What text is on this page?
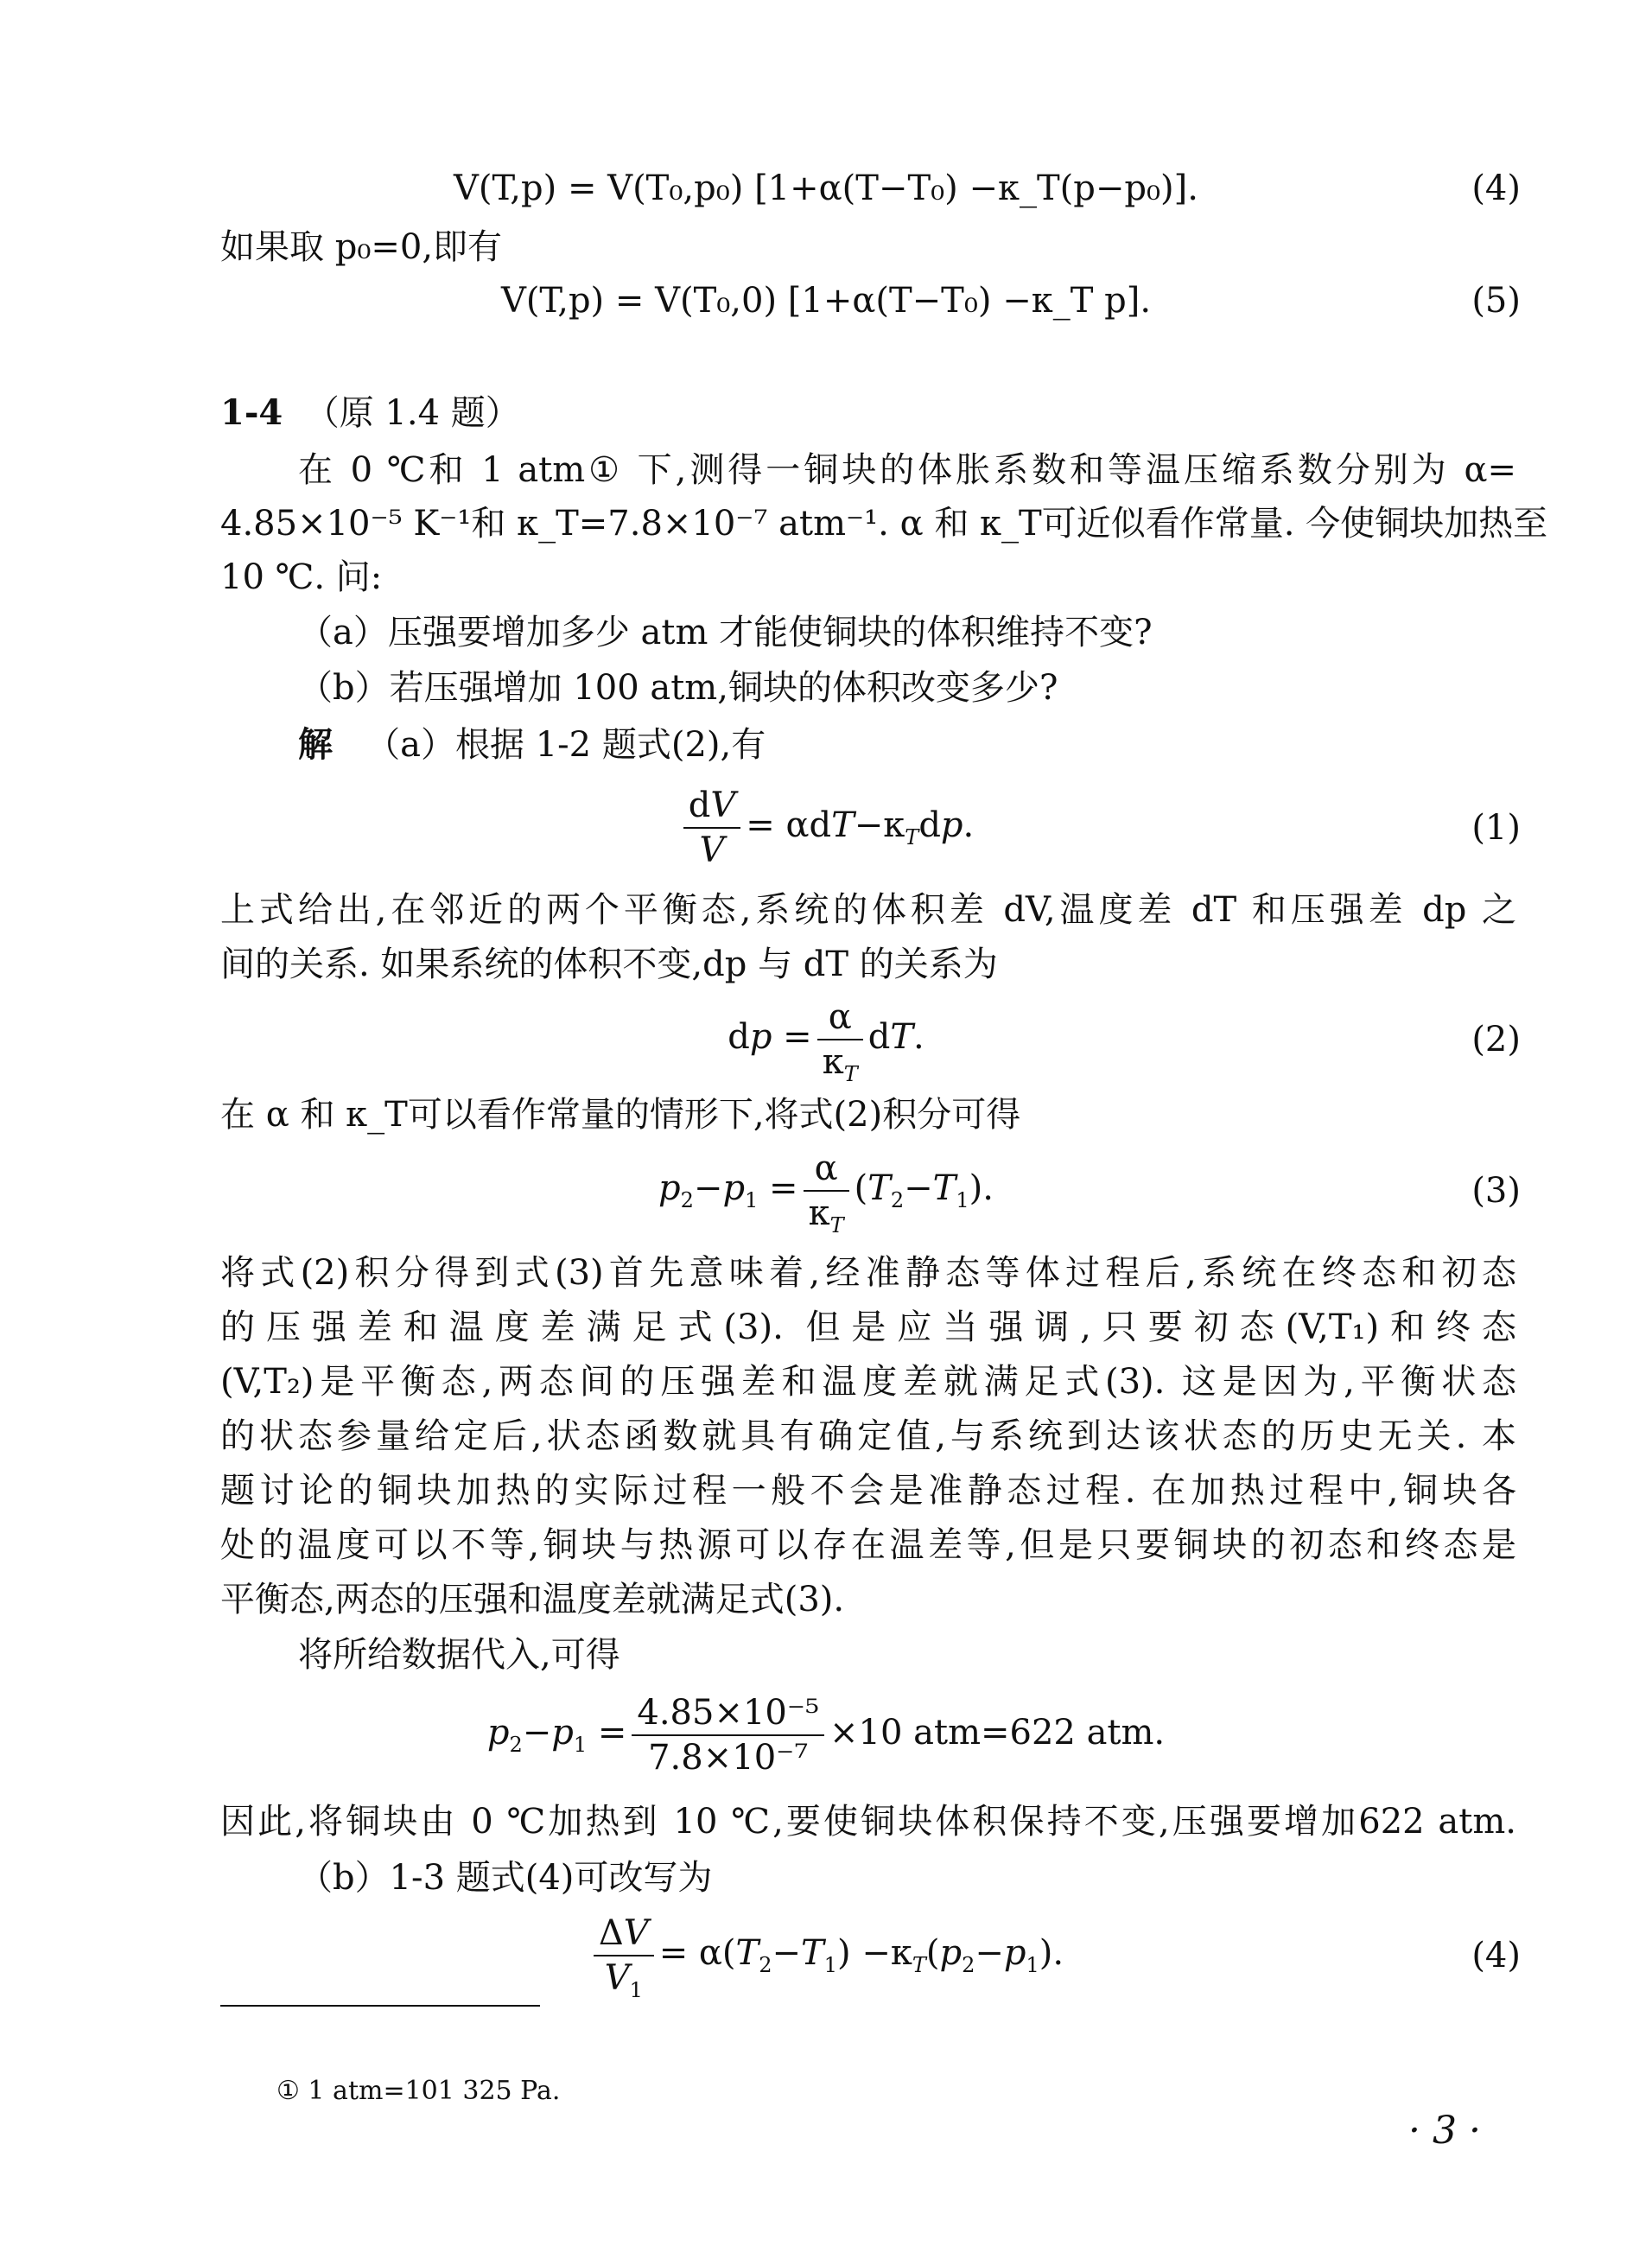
V(T,p) = V(T₀,p₀) [1+α(T−T₀) −κ_T(p−p₀)].	(4)
如果取 p₀=0,即有
V(T,p) = V(T₀,0) [1+α(T−T₀) −κ_T p].	(5)
1-4 （原 1.4 题）
在 0 ℃和 1 atm① 下,测得一铜块的体胀系数和等温压缩系数分别为 α=
4.85×10⁻⁵ K⁻¹和 κ_T=7.8×10⁻⁷ atm⁻¹. α 和 κ_T可近似看作常量. 今使铜块加热至
10 ℃. 问:
（a）压强要增加多少 atm 才能使铜块的体积维持不变?
（b）若压强增加 100 atm,铜块的体积改变多少?
解 （a）根据 1-2 题式(2),有
$\frac{dV}{V} = \alpha dT-\kappa_Tdp$.	(1)
上式给出,在邻近的两个平衡态,系统的体积差 dV,温度差 dT 和压强差 dp 之
间的关系. 如果系统的体积不变,dp 与 dT 的关系为
dp = $\frac{\alpha}{\kappa_T}$ dT.	(2)
在 α 和 κ_T可以看作常量的情形下,将式(2)积分可得
$p_2-p_1 = \frac{\alpha}{\kappa_T} (T_2-T_1)$.	(3)
将式(2)积分得到式(3)首先意味着,经准静态等体过程后,系统在终态和初态
的压强差和温度差满足式(3). 但是应当强调,只要初态(V,T₁)和终态
(V,T₂)是平衡态,两态间的压强差和温度差就满足式(3). 这是因为,平衡状态
的状态参量给定后,状态函数就具有确定值,与系统到达该状态的历史无关. 本
题讨论的铜块加热的实际过程一般不会是准静态过程. 在加热过程中,铜块各
处的温度可以不等,铜块与热源可以存在温差等,但是只要铜块的初态和终态是
平衡态,两态的压强和温度差就满足式(3).
将所给数据代入,可得
$p_2-p_1 = \frac{\text{4.85×10⁻⁵}}{\text{7.8×10⁻⁷}} \times 10$ atm=622 atm.
因此,将铜块由 0 ℃加热到 10 ℃,要使铜块体积保持不变,压强要增加622 atm.
（b）1-3 题式(4)可改写为
$\frac{\Delta V}{V_1} = \alpha(T_2-T_1) -\kappa_T(p_2-p_1)$.	(4)
① 1 atm=101 325 Pa.
· 3 ·
